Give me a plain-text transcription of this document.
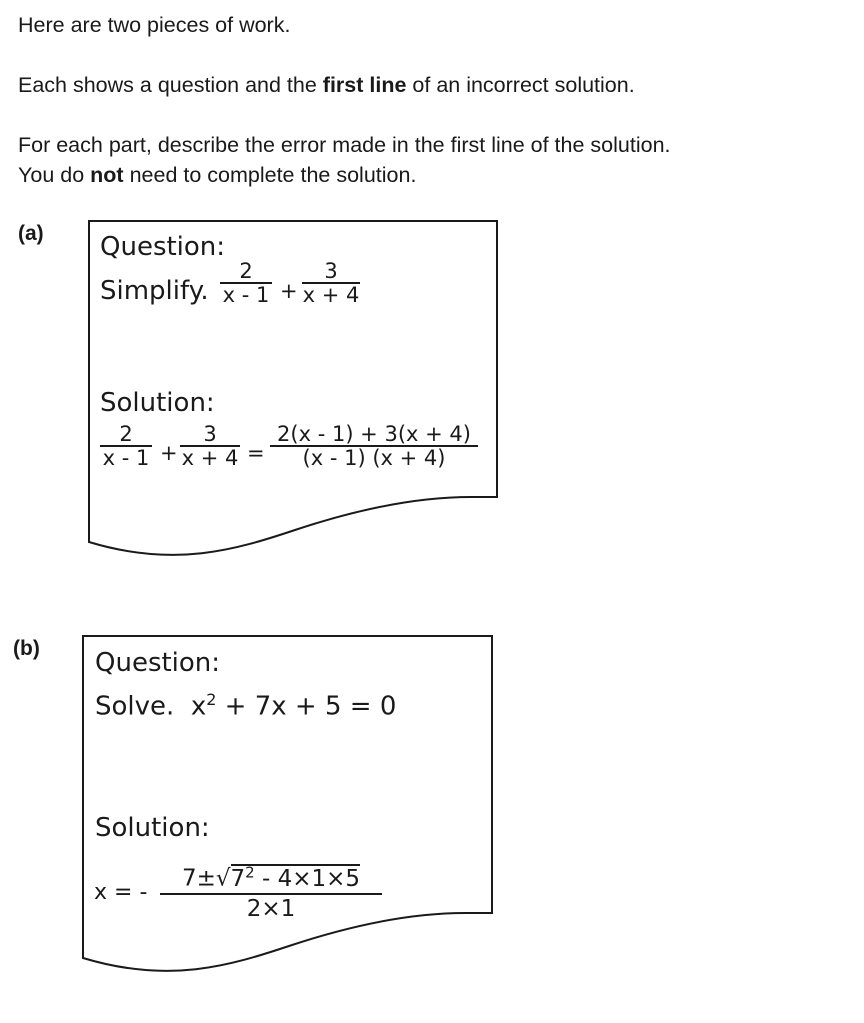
Here are two pieces of work.

Each shows a question and the first line of an incorrect solution.

For each part, describe the error made in the first line of the solution.

You do not need to complete the solution.

(a) Question:
Simplify.
2
x - 1 +
3
x + 4
Solution:
2
x - 1 +
3
x + 4 =
2(x - 1) + 3(x + 4)
(x - 1) (x + 4)
(b) Question:
Solve. $x^2 + 7x + 5 = 0$
Solution:
x = -
$7\pm√7^2 - 4\times 1\times 5$
2×1
